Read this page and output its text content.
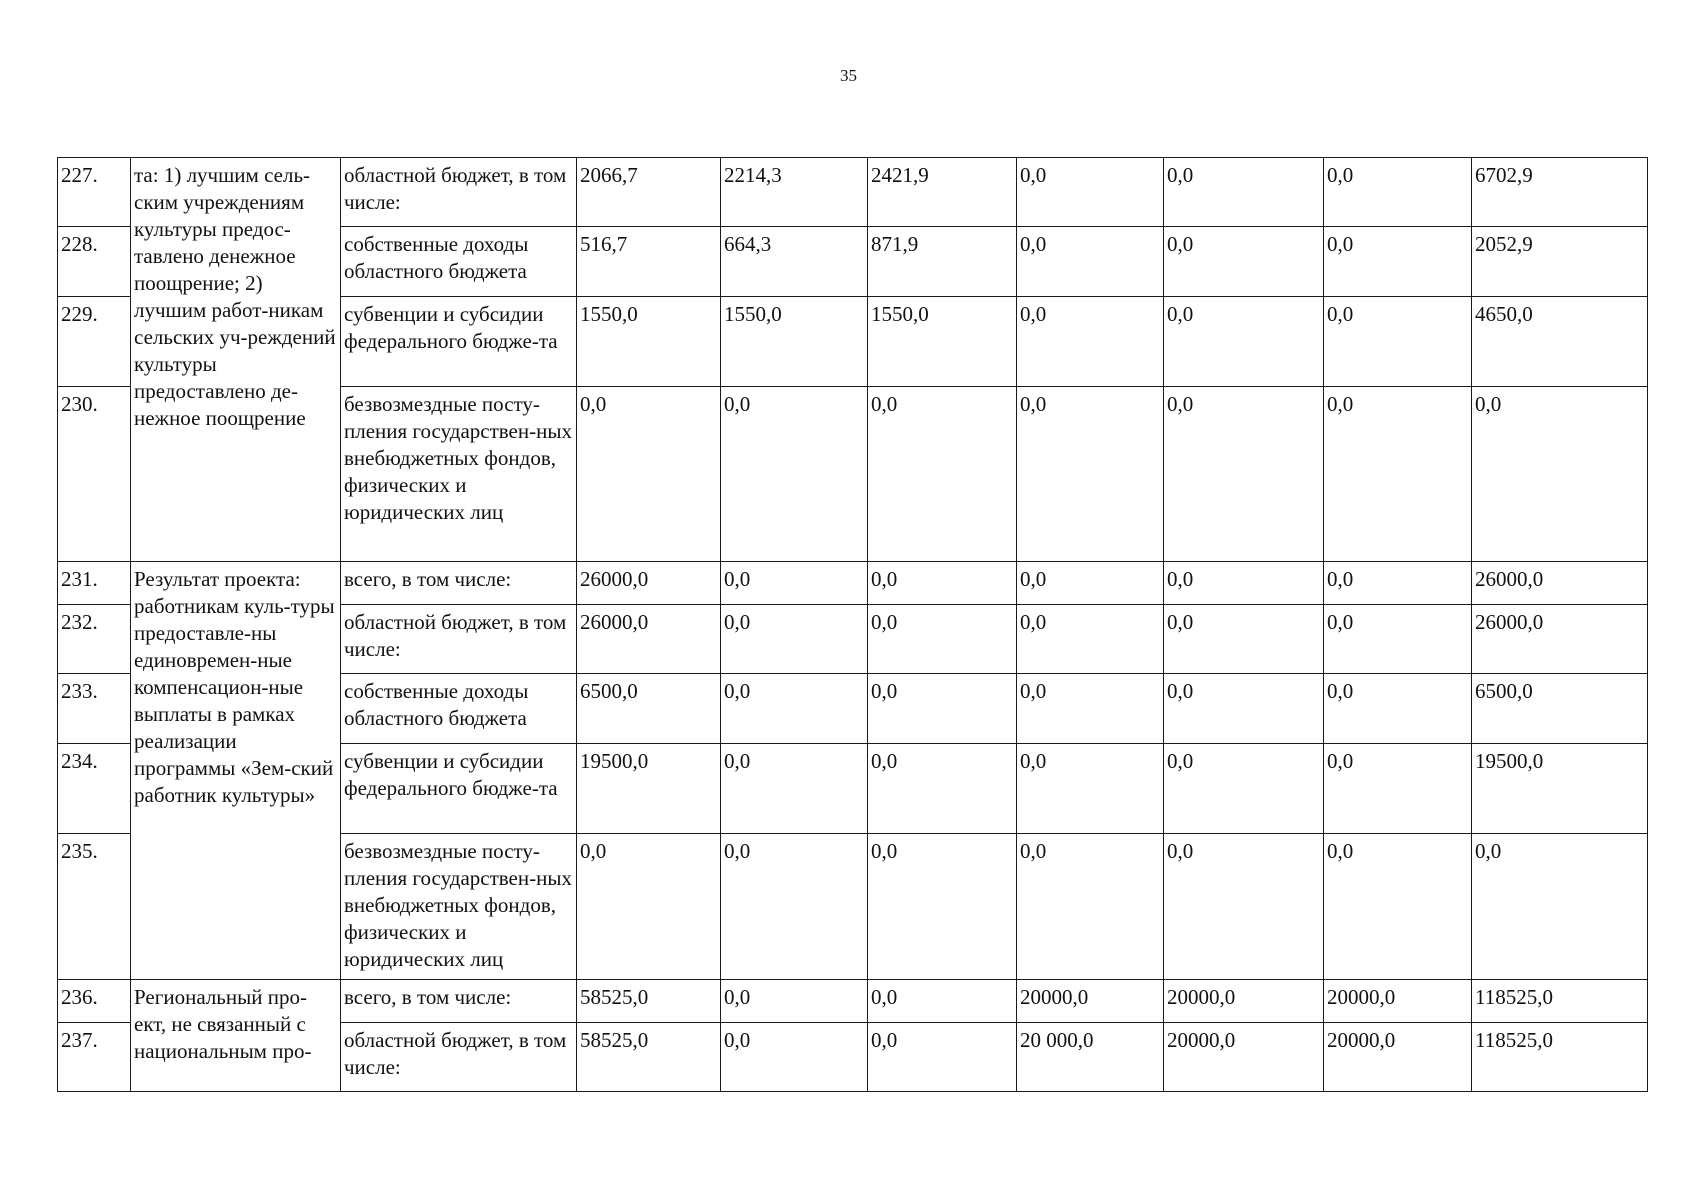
35
227.	та: 1) лучшим сель-ским учреждениям культуры предос-тавлено денежное поощрение; 2) лучшим работ-никам сельских уч-реждений культуры предоставлено де-нежное поощрение	областной бюджет, в том числе:	2066,7	2214,3	2421,9	0,0	0,0	0,0	6702,9
228.		собственные доходы областного бюджета	516,7	664,3	871,9	0,0	0,0	0,0	2052,9
229.		субвенции и субсидии федерального бюдже-та	1550,0	1550,0	1550,0	0,0	0,0	0,0	4650,0
230.		безвозмездные посту-пления государствен-ных внебюджетных фондов, физических и юридических лиц	0,0	0,0	0,0	0,0	0,0	0,0	0,0
231.	Результат проекта: работникам куль-туры предоставле-ны единовремен-ные компенсацион-ные выплаты в рамках реализации программы «Зем-ский работник культуры»	всего, в том числе:	26000,0	0,0	0,0	0,0	0,0	0,0	26000,0
232.		областной бюджет, в том числе:	26000,0	0,0	0,0	0,0	0,0	0,0	26000,0
233.		собственные доходы областного бюджета	6500,0	0,0	0,0	0,0	0,0	0,0	6500,0
234.		субвенции и субсидии федерального бюдже-та	19500,0	0,0	0,0	0,0	0,0	0,0	19500,0
235.		безвозмездные посту-пления государствен-ных внебюджетных фондов, физических и юридических лиц	0,0	0,0	0,0	0,0	0,0	0,0	0,0
236.	Региональный про-ект, не связанный с национальным про-	всего, в том числе:	58525,0	0,0	0,0	20000,0	20000,0	20000,0	118525,0
237.		областной бюджет, в том числе:	58525,0	0,0	0,0	20 000,0	20000,0	20000,0	118525,0
